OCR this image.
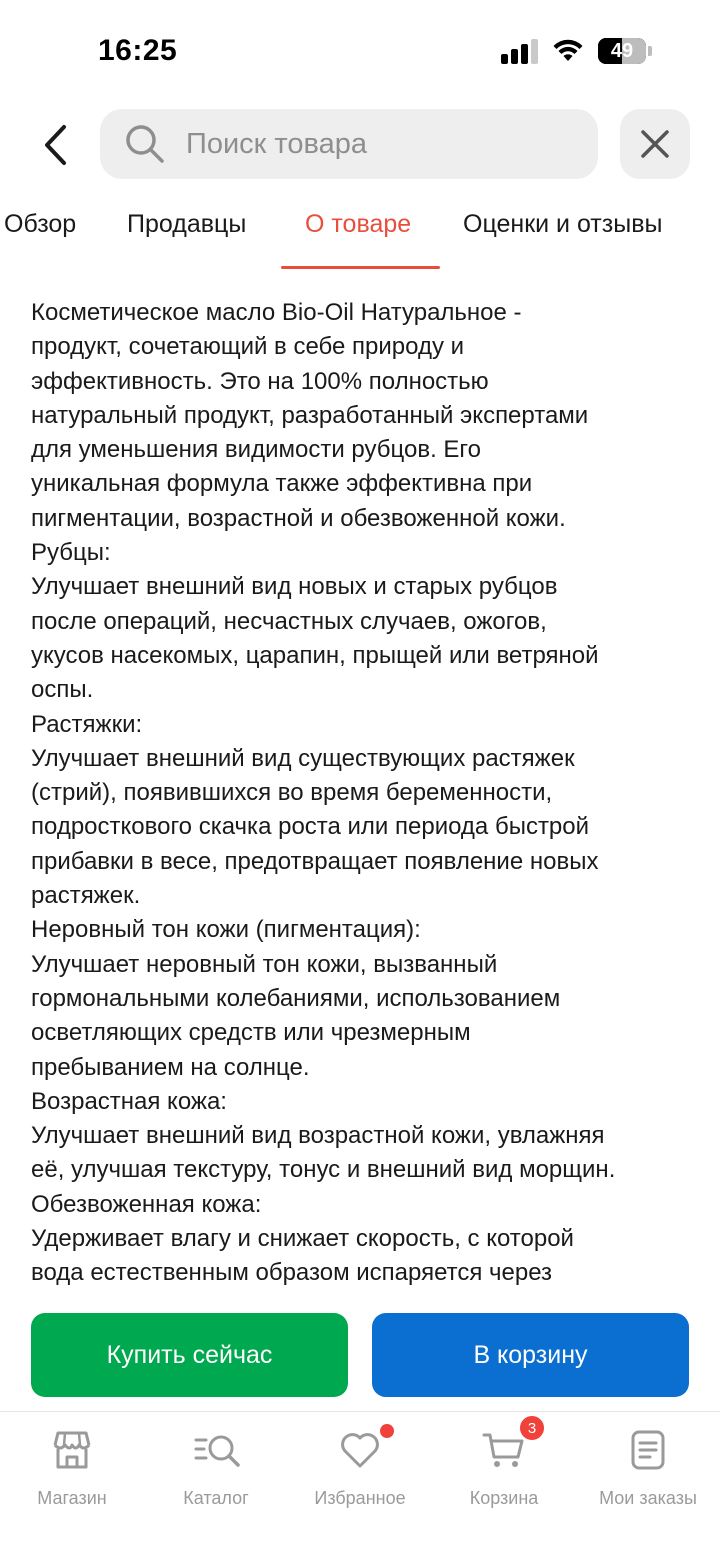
16:25	49
Поиск товара
Обзор Продавцы О товаре Оценки и отзывы

Косметическое масло Bio-Oil Натуральное -

продукт, сочетающий в себе природу и

эффективность. Это на 100% полностью

натуральный продукт, разработанный экспертами

для уменьшения видимости рубцов. Его

уникальная формула также эффективна при

пигментации, возрастной и обезвоженной кожи.

Рубцы:

Улучшает внешний вид новых и старых рубцов

после операций, несчастных случаев, ожогов,

укусов насекомых, царапин, прыщей или ветряной

оспы.

Растяжки:

Улучшает внешний вид существующих растяжек

(стрий), появившихся во время беременности,

подросткового скачка роста или периода быстрой

прибавки в весе, предотвращает появление новых

растяжек.

Неровный тон кожи (пигментация):

Улучшает неровный тон кожи, вызванный

гормональными колебаниями, использованием

осветляющих средств или чрезмерным

пребыванием на солнце.

Возрастная кожа:

Улучшает внешний вид возрастной кожи, увлажняя

её, улучшая текстуру, тонус и внешний вид морщин.

Обезвоженная кожа:

Удерживает влагу и снижает скорость, с которой

вода естественным образом испаряется через

Купить сейчас	В корзину
Магазин	Каталог	Избранное
3
Корзина	Мои заказы
